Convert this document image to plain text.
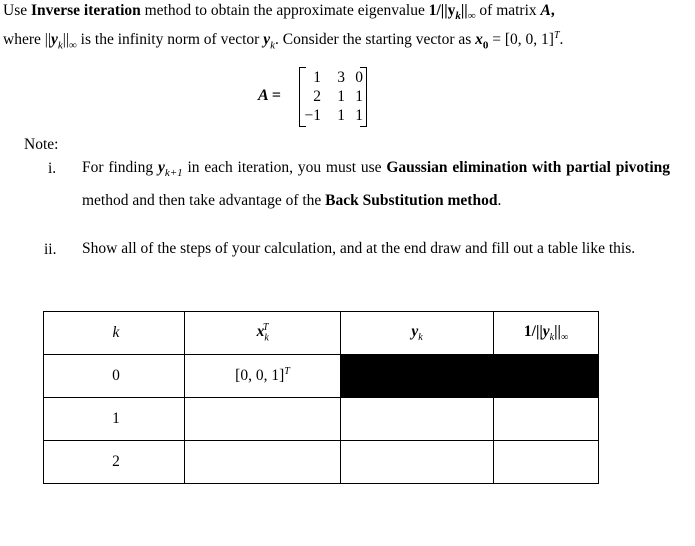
Use Inverse iteration method to obtain the approximate eigenvalue $1/||y_k||_\infty$ of matrix A,
where $||y_k||_\infty$ is the infinity norm of vector $y_k$. Consider the starting vector as $x_0 = [0$, 0, 1]$^T$.
A =
1	3 0
2	1 1
−1	1 1
Note:
i. For finding $y_{k+1}$ in each iteration, you must use Gaussian elimination with partial pivoting method and then take advantage of the Back Substitution method.
ii. Show all of the steps of your calculation, and at the end draw and fill out a table like this.
k	$x_k^T$	$y_k$	$1/||y_k||_\infty$
0	[0, 0, 1]$^T$		
1			
2			
